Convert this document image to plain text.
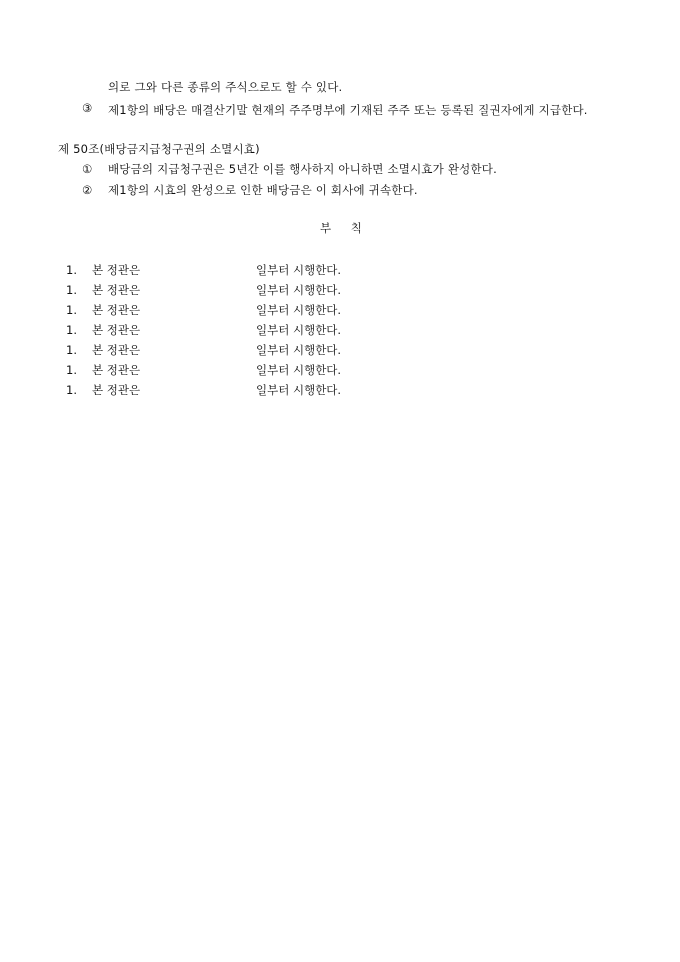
의로 그와 다른 종류의 주식으로도 할 수 있다.
③ 제1항의 배당은 매결산기말 현재의 주주명부에 기재된 주주 또는 등록된 질권자에게 지급한다.
제 50조(배당금지급청구권의 소멸시효)
① 배당금의 지급청구권은 5년간 이를 행사하지 아니하면 소멸시효가 완성한다.
② 제1항의 시효의 완성으로 인한 배당금은 이 회사에 귀속한다.
부 칙
1. 본 정관은	일부터 시행한다.
1. 본 정관은	일부터 시행한다.
1. 본 정관은	일부터 시행한다.
1. 본 정관은	일부터 시행한다.
1. 본 정관은	일부터 시행한다.
1. 본 정관은	일부터 시행한다.
1. 본 정관은	일부터 시행한다.
